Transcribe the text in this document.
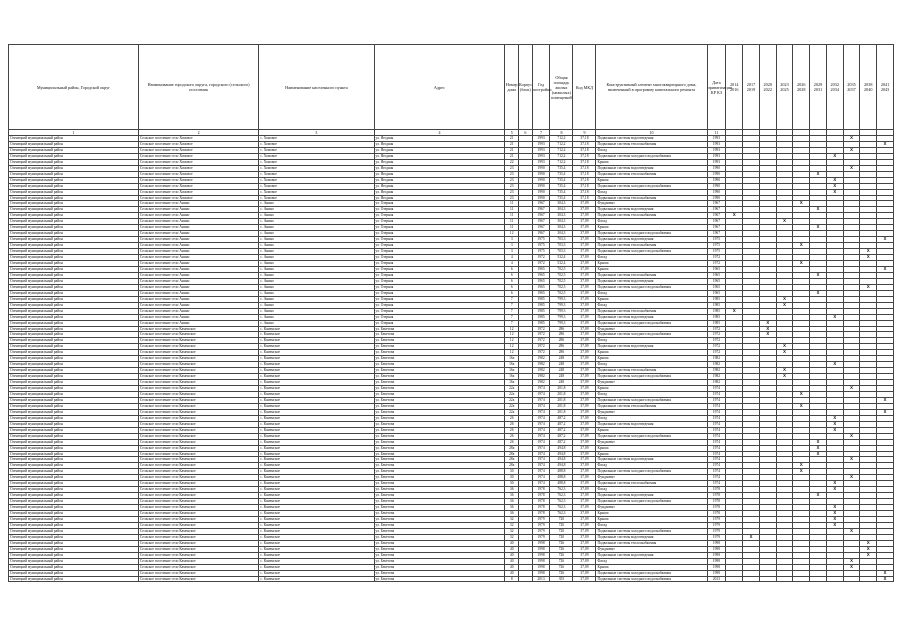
Муниципальный район, Городской округ	Наименование городского округа, городского (сельского) поселения	Наименование населенного пункта	Адрес	Номер дома	Корпус (блок)	Год постройки	Общая площадь жилых (нежилых) помещений	Код МКД	Конструктивный элемент многоквартирного дома, включенный в программу капитального ремонта	Дата приватизации КР КЗ	2014 2016	2017 2019	2020 2022	2023 2025	2026 2028	2029 2031	2032 2034	2035 2037	2038 2040	2041 2043
1	2	3	4	5	6	7	8	9	10	11										
Оленецкий муниципальный район	Сельское поселение село Хомовое	с. Хомовое	ул. Ягодная	21		1993	712,2	37,18	Подвальные системы водоотведения	1993								X		
Оленецкий муниципальный район	Сельское поселение село Хомовое	с. Хомовое	ул. Ягодная	21		1993	712,2	37,18	Подвальные системы теплоснабжения	1993										X
Оленецкий муниципальный район	Сельское поселение село Хомовое	с. Хомовое	ул. Ягодная	21		1993	712,2	37,18	Фасад	1993								X		
Оленецкий муниципальный район	Сельское поселение село Хомовое	с. Хомовое	ул. Ягодная	21		1993	712,2	37,18	Подвальные системы холодного водоснабжения	1993							X			
Оленецкий муниципальный район	Сельское поселение село Хомовое	с. Хомовое	ул. Ягодная	22		1993	712,2	37,18	Крыша	1993										
Оленецкий муниципальный район	Сельское поселение село Хомовое	с. Хомовое	ул. Ягодная	23		1990	735,4	37,18	Подвальные системы водоотведения	1990								X		
Оленецкий муниципальный район	Сельское поселение село Хомовое	с. Хомовое	ул. Ягодная	23		1990	735,4	37,18	Подвальные системы теплоснабжения	1990						X				
Оленецкий муниципальный район	Сельское поселение село Хомовое	с. Хомовое	ул. Ягодная	23		1990	735,4	37,18	Крыша	1990							X			
Оленецкий муниципальный район	Сельское поселение село Хомовое	с. Хомовое	ул. Ягодная	23		1990	735,4	37,18	Подвальные системы холодного водоснабжения	1990							X			
Оленецкий муниципальный район	Сельское поселение село Хомовое	с. Хомовое	ул. Ягодная	23		1990	735,4	37,18	Фасад	1990							X			
Оленецкий муниципальный район	Сельское поселение село Хомовое	с. Хомовое	ул. Ягодная	23		1990	735,4	37,18	Подвальные системы теплоснабжения	1990										
Оленецкий муниципальный район	Сельское поселение село Анино	с. Анино	ул. Озерная	11		1967	304,3	37,09	Фундамент	1967					X					
Оленецкий муниципальный район	Сельское поселение село Анино	с. Анино	ул. Озерная	11		1967	304,3	37,09	Подвальные системы водоотведения	1967						X				
Оленецкий муниципальный район	Сельское поселение село Анино	с. Анино	ул. Озерная	11		1967	304,3	37,09	Подвальные системы теплоснабжения	1967	X									
Оленецкий муниципальный район	Сельское поселение село Анино	с. Анино	ул. Озерная	11		1967	304,3	37,09	Фасад	1967				X						
Оленецкий муниципальный район	Сельское поселение село Анино	с. Анино	ул. Озерная	11		1967	304,3	37,09	Крыша	1967						X				
Оленецкий муниципальный район	Сельское поселение село Анино	с. Анино	ул. Озерная	12		1967	304,3	37,09	Подвальные системы холодного водоснабжения	1967										
Оленецкий муниципальный район	Сельское поселение село Анино	с. Анино	ул. Озерная	3		1975	703,3	37,09	Подвальные системы водоотведения	1975										X
Оленецкий муниципальный район	Сельское поселение село Анино	с. Анино	ул. Озерная	3		1975	703,3	37,09	Подвальные системы теплоснабжения	1975					X					
Оленецкий муниципальный район	Сельское поселение село Анино	с. Анино	ул. Озерная	3		1975	703,3	37,09	Подвальные системы холодного водоснабжения	1975									X	
Оленецкий муниципальный район	Сельское поселение село Анино	с. Анино	ул. Озерная	4		1972	532,4	37,09	Фасад	1972									X	
Оленецкий муниципальный район	Сельское поселение село Анино	с. Анино	ул. Озерная	4		1972	532,4	37,09	Крыша	1972					X					
Оленецкий муниципальный район	Сельское поселение село Анино	с. Анино	ул. Озерная	6		1965	702,5	37,09	Крыша	1965										X
Оленецкий муниципальный район	Сельское поселение село Анино	с. Анино	ул. Озерная	6		1965	702,5	37,09	Подвальные системы теплоснабжения	1965						X				
Оленецкий муниципальный район	Сельское поселение село Анино	с. Анино	ул. Озерная	6		1965	702,5	37,09	Подвальные системы водоотведения	1965										
Оленецкий муниципальный район	Сельское поселение село Анино	с. Анино	ул. Озерная	6		1965	702,5	37,09	Подвальные системы холодного водоснабжения	1965									X	
Оленецкий муниципальный район	Сельское поселение село Анино	с. Анино	ул. Озерная	6		1965	702,5	37,09	Фасад	1965						X				
Оленецкий муниципальный район	Сельское поселение село Анино	с. Анино	ул. Озерная	7		1985	799,3	37,09	Крыша	1985				X						
Оленецкий муниципальный район	Сельское поселение село Анино	с. Анино	ул. Озерная	7		1985	799,3	37,09	Фасад	1985				X						
Оленецкий муниципальный район	Сельское поселение село Анино	с. Анино	ул. Озерная	7		1985	799,3	37,09	Подвальные системы теплоснабжения	1985	X									
Оленецкий муниципальный район	Сельское поселение село Анино	с. Анино	ул. Озерная	7		1985	799,3	37,09	Подвальные системы водоотведения	1985							X			
Оленецкий муниципальный район	Сельское поселение село Анино	с. Анино	ул. Озерная	7		1985	799,3	37,09	Подвальные системы холодного водоснабжения	1985			X							
Оленецкий муниципальный район	Сельское поселение село Каменское	с. Каменское	ул. Бекетова	12		1972	286	37,09	Фундамент	1972			X							
Оленецкий муниципальный район	Сельское поселение село Каменское	с. Каменское	ул. Бекетова	12		1972	286	37,09	Подвальные системы холодного водоснабжения	1972			X							
Оленецкий муниципальный район	Сельское поселение село Каменское	с. Каменское	ул. Бекетова	12		1972	286	37,09	Фасад	1972										
Оленецкий муниципальный район	Сельское поселение село Каменское	с. Каменское	ул. Бекетова	12		1972	286	37,09	Подвальные системы водоотведения	1972				X						
Оленецкий муниципальный район	Сельское поселение село Каменское	с. Каменское	ул. Бекетова	12		1972	286	37,09	Крыша	1972				X						
Оленецкий муниципальный район	Сельское поселение село Каменское	с. Каменское	ул. Бекетова	16а		1982	248	37,09	Крыша	1982										
Оленецкий муниципальный район	Сельское поселение село Каменское	с. Каменское	ул. Бекетова	16а		1982	248	37,09	Фасад	1982							X			
Оленецкий муниципальный район	Сельское поселение село Каменское	с. Каменское	ул. Бекетова	16а		1982	248	37,09	Подвальные системы теплоснабжения	1982				X						
Оленецкий муниципальный район	Сельское поселение село Каменское	с. Каменское	ул. Бекетова	16а		1982	248	37,09	Подвальные системы холодного водоснабжения	1982				X						
Оленецкий муниципальный район	Сельское поселение село Каменское	с. Каменское	ул. Бекетова	16а		1982	248	37,09	Фундамент	1982										
Оленецкий муниципальный район	Сельское поселение село Каменское	с. Каменское	ул. Бекетова	22а		1974	201,8	37,09	Крыша	1974								X		
Оленецкий муниципальный район	Сельское поселение село Каменское	с. Каменское	ул. Бекетова	22а		1974	201,8	37,09	Фасад	1974					X					
Оленецкий муниципальный район	Сельское поселение село Каменское	с. Каменское	ул. Бекетова	22а		1974	201,8	37,09	Подвальные системы холодного водоснабжения	1974										X
Оленецкий муниципальный район	Сельское поселение село Каменское	с. Каменское	ул. Бекетова	22а		1974	201,8	37,09	Подвальные системы теплоснабжения	1974					X					
Оленецкий муниципальный район	Сельское поселение село Каменское	с. Каменское	ул. Бекетова	22а		1974	201,8	37,09	Фундамент	1974										X
Оленецкий муниципальный район	Сельское поселение село Каменское	с. Каменское	ул. Бекетова	26		1974	487,2	37,09	Фасад	1974							X			
Оленецкий муниципальный район	Сельское поселение село Каменское	с. Каменское	ул. Бекетова	26		1974	487,2	37,09	Подвальные системы водоотведения	1974							X			
Оленецкий муниципальный район	Сельское поселение село Каменское	с. Каменское	ул. Бекетова	26		1974	487,2	37,09	Крыша	1974							X			
Оленецкий муниципальный район	Сельское поселение село Каменское	с. Каменское	ул. Бекетова	26		1974	487,2	37,09	Подвальные системы холодного водоснабжения	1974								X		
Оленецкий муниципальный район	Сельское поселение село Каменское	с. Каменское	ул. Бекетова	26		1974	487,2	37,09	Фундамент	1974						X				
Оленецкий муниципальный район	Сельское поселение село Каменское	с. Каменское	ул. Бекетова	28а		1974	494,8	37,09	Крыша	1974						X				
Оленецкий муниципальный район	Сельское поселение село Каменское	с. Каменское	ул. Бекетова	28а		1974	494,8	37,09	Крыша	1974						X				
Оленецкий муниципальный район	Сельское поселение село Каменское	с. Каменское	ул. Бекетова	28а		1974	494,8	37,09	Подвальные системы водоотведения	1974								X		
Оленецкий муниципальный район	Сельское поселение село Каменское	с. Каменское	ул. Бекетова	28а		1974	494,8	37,09	Фасад	1974					X					
Оленецкий муниципальный район	Сельское поселение село Каменское	с. Каменское	ул. Бекетова	30		1974	488,8	37,09	Подвальные системы холодного водоснабжения	1974					X					
Оленецкий муниципальный район	Сельское поселение село Каменское	с. Каменское	ул. Бекетова	30		1974	488,8	37,09	Фундамент	1974								X		
Оленецкий муниципальный район	Сельское поселение село Каменское	с. Каменское	ул. Бекетова	30		1974	488,8	37,09	Подвальные системы теплоснабжения	1974							X			
Оленецкий муниципальный район	Сельское поселение село Каменское	с. Каменское	ул. Бекетова	36		1978	762,3	37,09	Фасад	1978							X			
Оленецкий муниципальный район	Сельское поселение село Каменское	с. Каменское	ул. Бекетова	36		1978	762,3	37,09	Подвальные системы водоотведения	1978						X				
Оленецкий муниципальный район	Сельское поселение село Каменское	с. Каменское	ул. Бекетова	36		1978	762,3	37,09	Подвальные системы холодного водоснабжения	1978										
Оленецкий муниципальный район	Сельское поселение село Каменское	с. Каменское	ул. Бекетова	36		1978	762,3	37,09	Фундамент	1978							X			
Оленецкий муниципальный район	Сельское поселение село Каменское	с. Каменское	ул. Бекетова	36		1978	762,3	37,09	Крыша	1978							X			
Оленецкий муниципальный район	Сельское поселение село Каменское	с. Каменское	ул. Бекетова	32		1979	720	37,09	Крыша	1979							X			
Оленецкий муниципальный район	Сельское поселение село Каменское	с. Каменское	ул. Бекетова	32		1979	720	37,09	Фасад	1979							X			
Оленецкий муниципальный район	Сельское поселение село Каменское	с. Каменское	ул. Бекетова	32		1979	720	37,09	Подвальные системы холодного водоснабжения	1979								X		
Оленецкий муниципальный район	Сельское поселение село Каменское	с. Каменское	ул. Бекетова	32		1979	720	37,09	Подвальные системы водоотведения	1979		X								
Оленецкий муниципальный район	Сельское поселение село Каменское	с. Каменское	ул. Бекетова	40		1998	726	37,09	Подвальные системы теплоснабжения	1998									X	
Оленецкий муниципальный район	Сельское поселение село Каменское	с. Каменское	ул. Бекетова	40		1998	726	37,09	Фундамент	1998									X	
Оленецкий муниципальный район	Сельское поселение село Каменское	с. Каменское	ул. Бекетова	40		1998	726	37,09	Подвальные системы водоотведения	1998									X	
Оленецкий муниципальный район	Сельское поселение село Каменское	с. Каменское	ул. Бекетова	40		1998	726	37,09	Фасад	1998								X		
Оленецкий муниципальный район	Сельское поселение село Каменское	с. Каменское	ул. Бекетова	40		1998	726	37,09	Крыша	1998								X		
Оленецкий муниципальный район	Сельское поселение село Каменское	с. Каменское	ул. Бекетова	40		1998	726	37,09	Подвальные системы холодного водоснабжения	1998										X
Оленецкий муниципальный район	Сельское поселение село Каменское	с. Каменское	ул. Бекетова	8		2013	355	37,09	Подвальные системы холодного водоснабжения	2013										X
